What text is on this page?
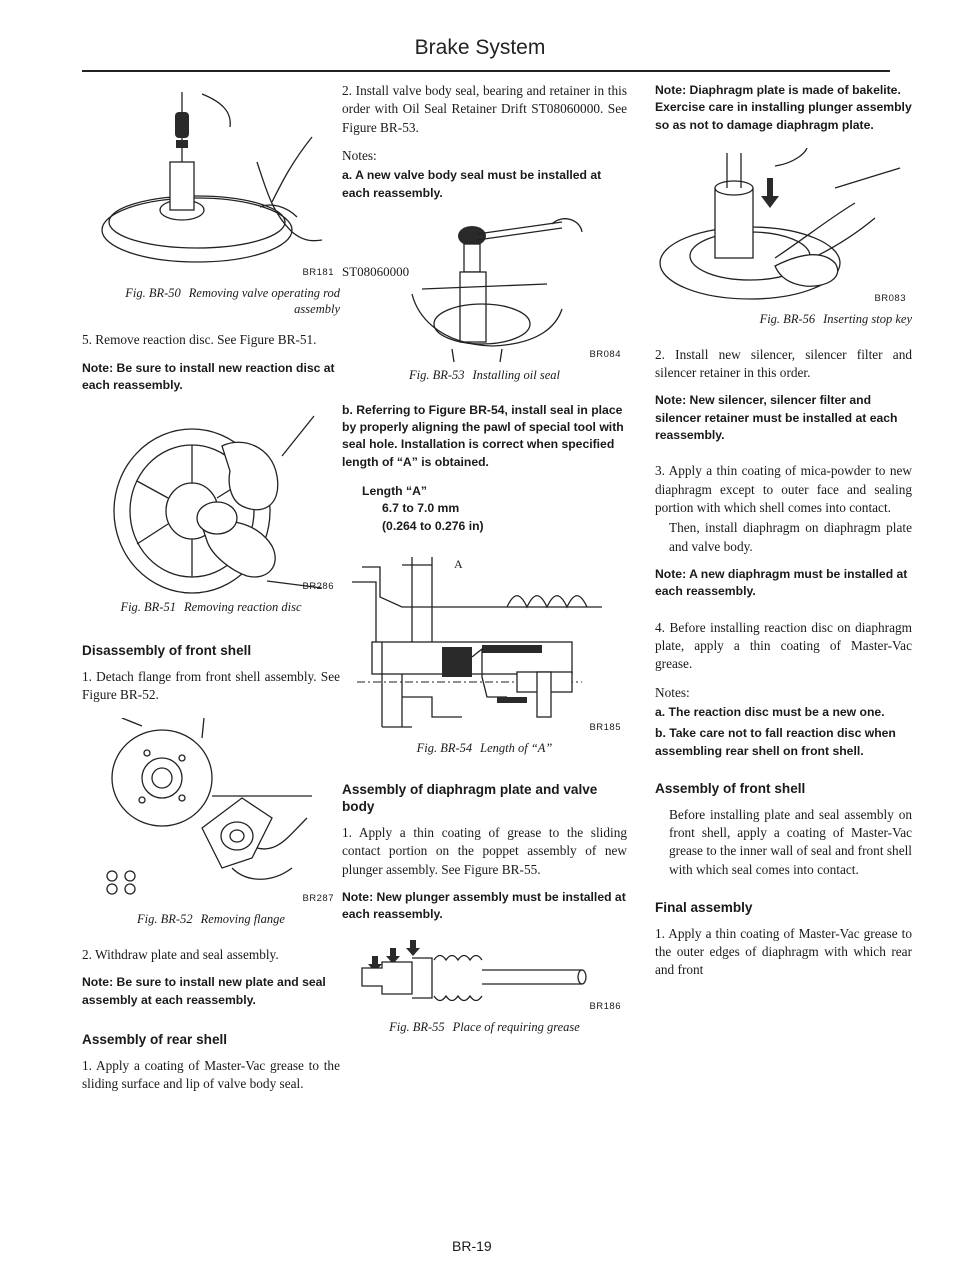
Brake System
BR181
Fig. BR-50 Removing valve operating rod assembly

5. Remove reaction disc. See Figure BR-51.

Note: Be sure to install new reaction disc at each reassembly.
BR286
Fig. BR-51 Removing reaction disc
Disassembly of front shell

1. Detach flange from front shell assembly. See Figure BR-52.

BR287
Fig. BR-52 Removing flange

2. Withdraw plate and seal assembly.

Note: Be sure to install new plate and seal assembly at each reassembly.
Assembly of rear shell

1. Apply a coating of Master-Vac grease to the sliding surface and lip of valve body seal.

2. Install valve body seal, bearing and retainer in this order with Oil Seal Retainer Drift ST08060000. See Figure BR-53.

Notes:

a. A new valve body seal must be installed at each reassembly.
ST08060000
BR084
Fig. BR-53 Installing oil seal
b. Referring to Figure BR-54, install seal in place by properly aligning the pawl of special tool with seal hole. Installation is correct when specified length of “A” is obtained.
Length “A”
6.7 to 7.0 mm
(0.264 to 0.276 in)
A
BR185
Fig. BR-54 Length of “A”
Assembly of diaphragm plate and valve body

1. Apply a thin coating of grease to the sliding contact portion on the poppet assembly of new plunger assembly. See Figure BR-55.

Note: New plunger assembly must be installed at each reassembly.
BR186
Fig. BR-55 Place of requiring grease
Note: Diaphragm plate is made of bakelite. Exercise care in installing plunger assembly so as not to damage diaphragm plate.
BR083
Fig. BR-56 Inserting stop key

2. Install new silencer, silencer filter and silencer retainer in this order.

Note: New silencer, silencer filter and silencer retainer must be installed at each reassembly.

3. Apply a thin coating of mica-powder to new diaphragm except to outer face and sealing portion with which shell comes into contact.

Then, install diaphragm on diaphragm plate and valve body.

Note: A new diaphragm must be installed at each reassembly.

4. Before installing reaction disc on diaphragm plate, apply a thin coating of Master-Vac grease.

Notes:

a. The reaction disc must be a new one.
b. Take care not to fall reaction disc when assembling rear shell on front shell.
Assembly of front shell

Before installing plate and seal assembly on front shell, apply a coating of Master-Vac grease to the inner wall of seal and front shell with which seal comes into contact.

Final assembly

1. Apply a thin coating of Master-Vac grease to the outer edges of diaphragm with which rear and front

BR-19
